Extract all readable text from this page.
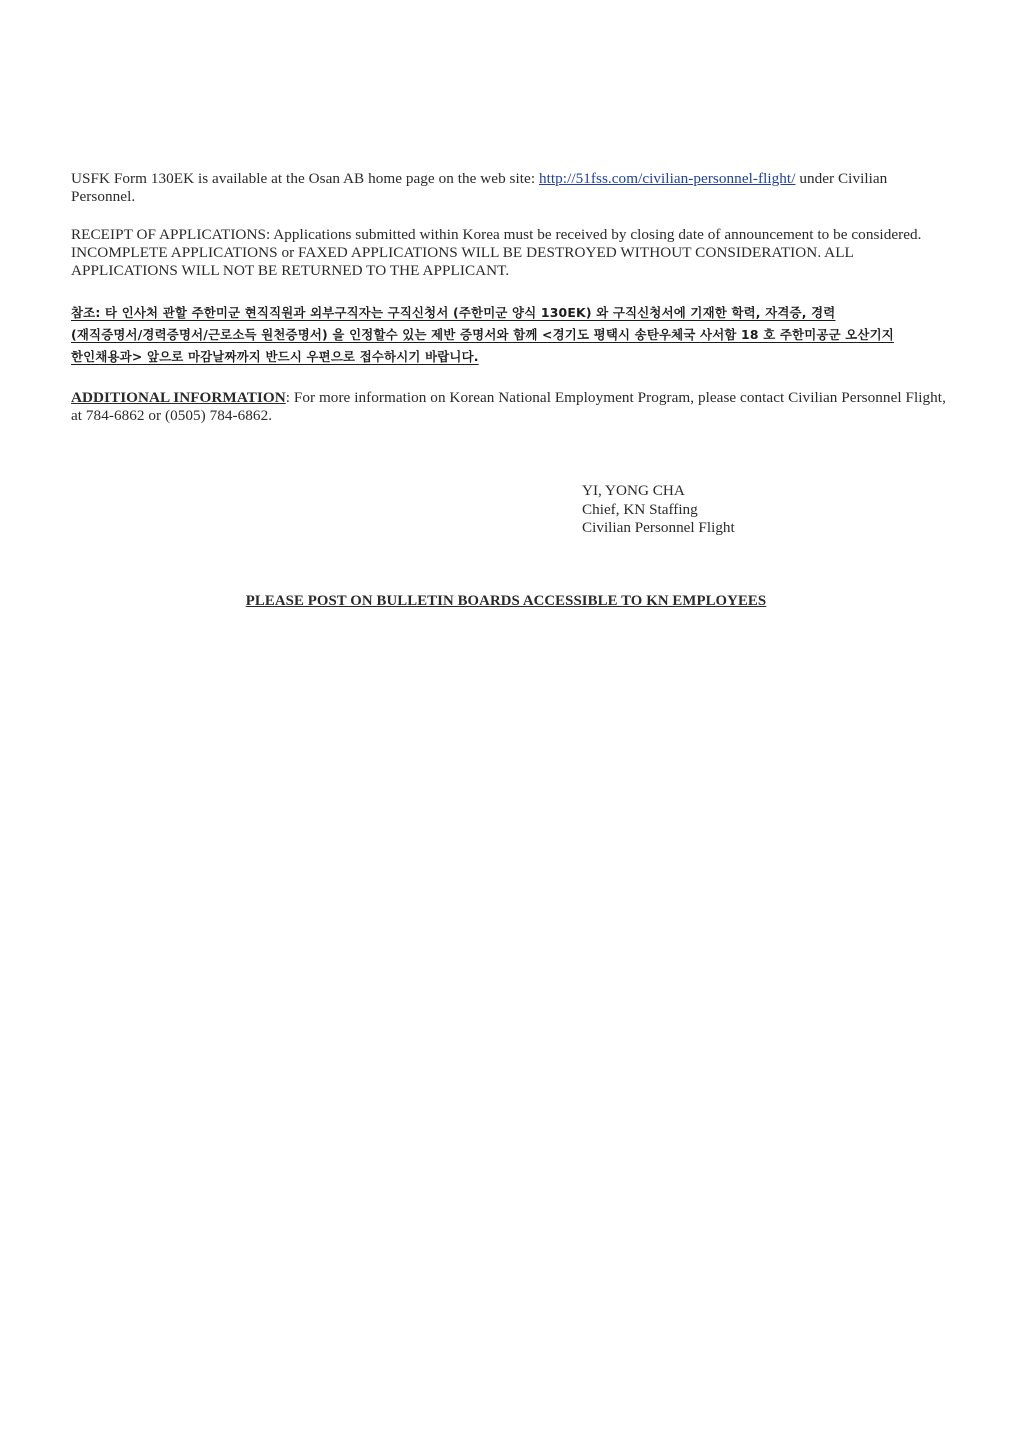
USFK Form 130EK is available at the Osan AB home page on the web site: http://51fss.com/civilian-personnel-flight/ under Civilian Personnel.
RECEIPT OF APPLICATIONS: Applications submitted within Korea must be received by closing date of announcement to be considered. INCOMPLETE APPLICATIONS or FAXED APPLICATIONS WILL BE DESTROYED WITHOUT CONSIDERATION. ALL APPLICATIONS WILL NOT BE RETURNED TO THE APPLICANT.
참조: 타 인사처 관할 주한미군 현직직원과 외부구직자는 구직신청서 (주한미군 양식 130EK) 와 구직신청서에 기재한 학력, 자격증, 경력
(재직증명서/경력증명서/근로소득 원천증명서) 을 인정할수 있는 제반 증명서와 함께 <경기도 평택시 송탄우체국 사서함 18 호 주한미공군 오산기지
한인채용과> 앞으로 마감날짜까지 반드시 우편으로 접수하시기 바랍니다.
ADDITIONAL INFORMATION: For more information on Korean National Employment Program, please contact Civilian Personnel Flight, at 784-6862 or (0505) 784-6862.
YI, YONG CHA
Chief, KN Staffing
Civilian Personnel Flight
PLEASE POST ON BULLETIN BOARDS ACCESSIBLE TO KN EMPLOYEES
